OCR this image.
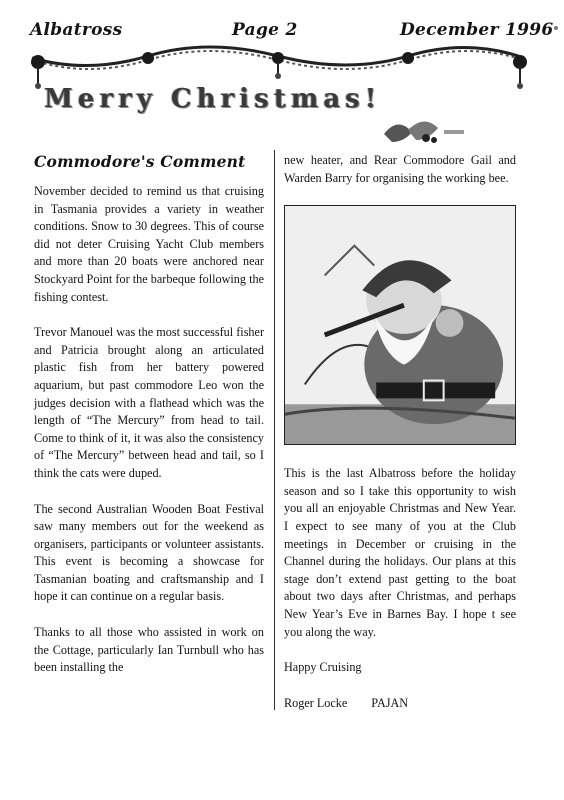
Albatross	Page 2	December 1996
Merry Christmas!
Commodore's Comment

November decided to remind us that cruising in Tasmania provides a variety in weather conditions. Snow to 30 degrees. This of course did not deter Cruising Yacht Club members and more than 20 boats were anchored near Stockyard Point for the barbeque following the fishing contest.

Trevor Manouel was the most successful fisher and Patricia brought along an articulated plastic fish from her battery powered aquarium, but past commodore Leo won the judges decision with a flathead which was the length of “The Mercury” from head to tail. Come to think of it, it was also the consistency of “The Mercury” between head and tail, so I think the cats were duped.

The second Australian Wooden Boat Festival saw many members out for the weekend as organisers, participants or volunteer assistants. This event is becoming a showcase for Tasmanian boating and craftsmanship and I hope it can continue on a regular basis.

Thanks to all those who assisted in work on the Cottage, particularly Ian Turnbull who has been installing the

new heater, and Rear Commodore Gail and Warden Barry for organising the working bee.

This is the last Albatross before the holiday season and so I take this opportunity to wish you all an enjoyable Christmas and New Year. I expect to see many of you at the Club meetings in December or cruising in the Channel during the holidays. Our plans at this stage don’t extend past getting to the boat about two days after Christmas, and perhaps New Year’s Eve in Barnes Bay. I hope t see you along the way.

Happy Cruising
Roger Locke PAJAN
